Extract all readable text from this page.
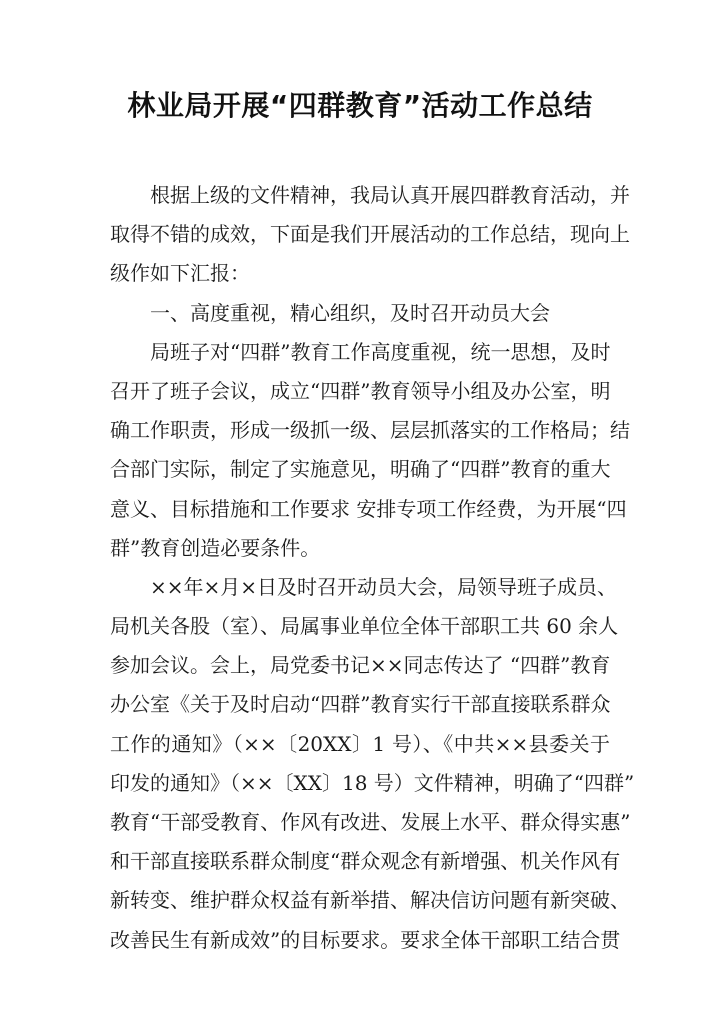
林业局开展“四群教育”活动工作总结
根据上级的文件精神，我局认真开展四群教育活动，并
取得不错的成效，下面是我们开展活动的工作总结，现向上
级作如下汇报：
一、高度重视，精心组织，及时召开动员大会
局班子对“四群”教育工作高度重视，统一思想，及时
召开了班子会议，成立“四群”教育领导小组及办公室，明
确工作职责，形成一级抓一级、层层抓落实的工作格局；结
合部门实际，制定了实施意见，明确了“四群”教育的重大
意义、目标措施和工作要求 安排专项工作经费，为开展“四
群”教育创造必要条件。
××年×月×日及时召开动员大会，局领导班子成员、
局机关各股（室）、局属事业单位全体干部职工共 60 余人
参加会议。会上，局党委书记××同志传达了 “四群”教育
办公室《关于及时启动“四群”教育实行干部直接联系群众
工作的通知》（××〔20XX〕1 号）、《中共××县委关于
印发的通知》（××〔XX〕18 号）文件精神，明确了“四群”
教育“干部受教育、作风有改进、发展上水平、群众得实惠”
和干部直接联系群众制度“群众观念有新增强、机关作风有
新转变、维护群众权益有新举措、解决信访问题有新突破、
改善民生有新成效”的目标要求。要求全体干部职工结合贯
